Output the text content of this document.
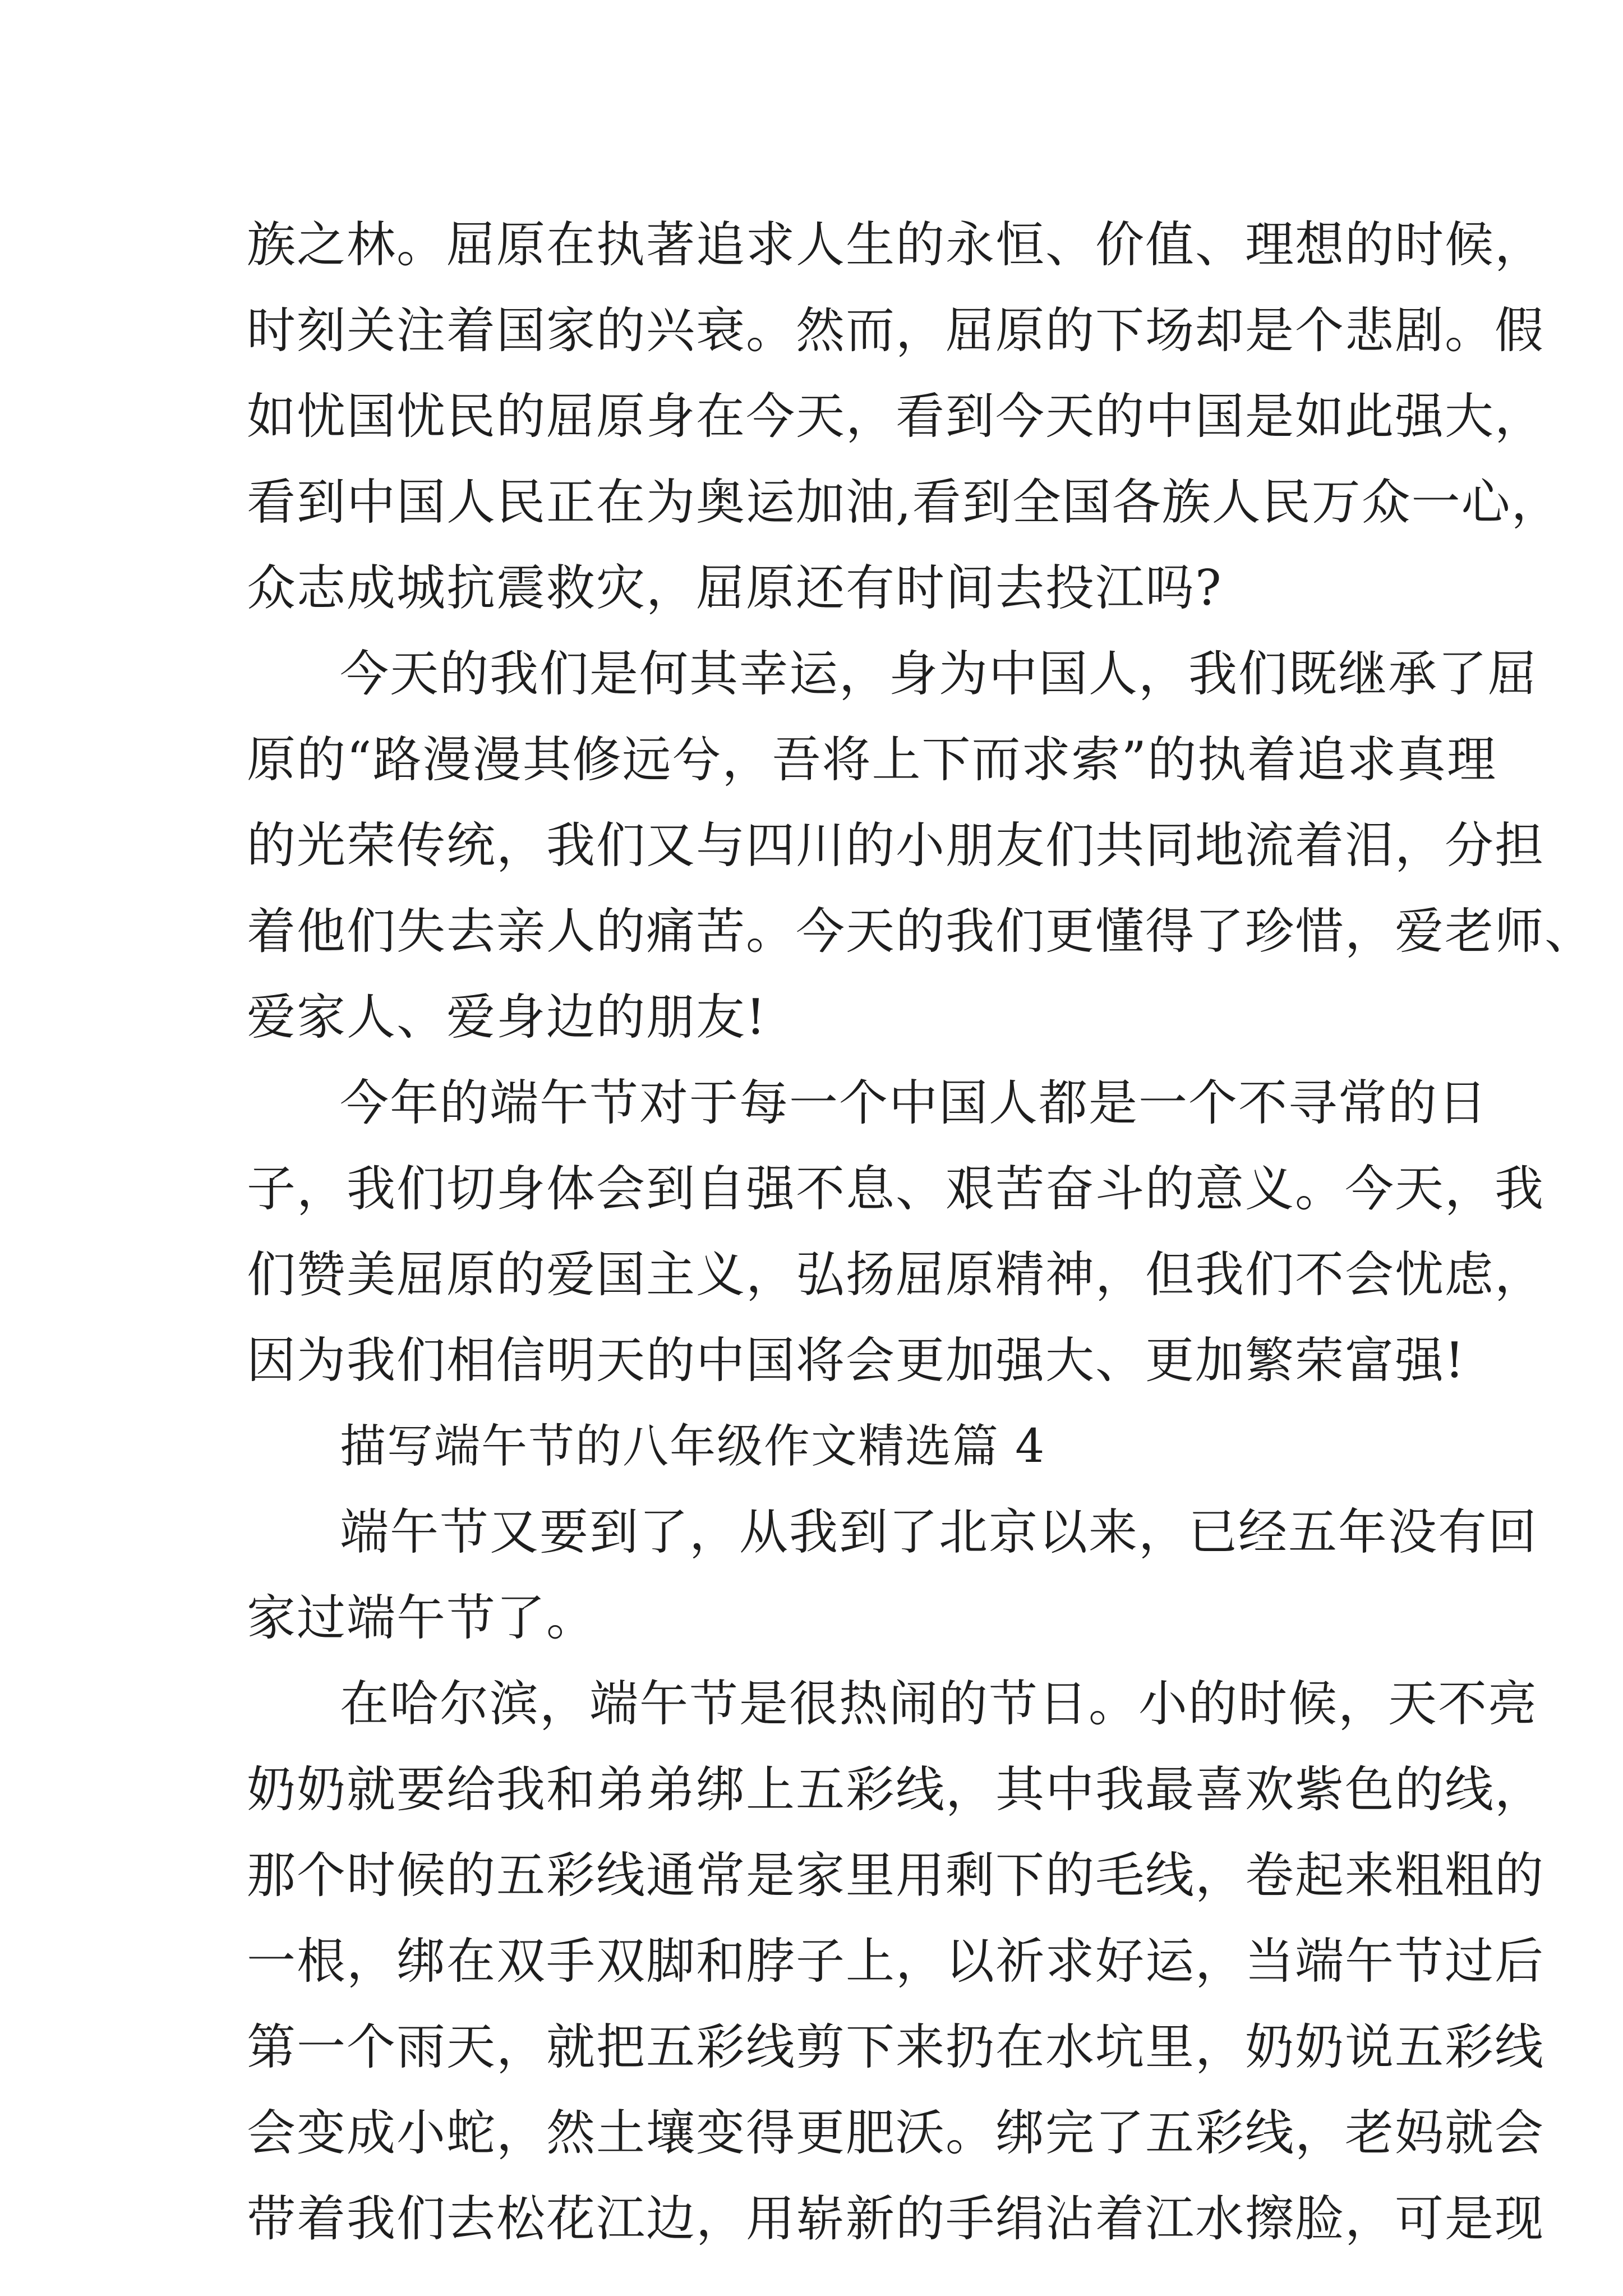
族之林。屈原在执著追求人生的永恒、价值、理想的时候，
时刻关注着国家的兴衰。然而，屈原的下场却是个悲剧。假
如忧国忧民的屈原身在今天，看到今天的中国是如此强大，
看到中国人民正在为奥运加油,看到全国各族人民万众一心，
众志成城抗震救灾，屈原还有时间去投江吗?
今天的我们是何其幸运，身为中国人，我们既继承了屈
原的“路漫漫其修远兮，吾将上下而求索”的执着追求真理
的光荣传统，我们又与四川的小朋友们共同地流着泪，分担
着他们失去亲人的痛苦。今天的我们更懂得了珍惜，爱老师、
爱家人、爱身边的朋友!
今年的端午节对于每一个中国人都是一个不寻常的日
子，我们切身体会到自强不息、艰苦奋斗的意义。今天，我
们赞美屈原的爱国主义，弘扬屈原精神，但我们不会忧虑，
因为我们相信明天的中国将会更加强大、更加繁荣富强!
描写端午节的八年级作文精选篇 4
端午节又要到了，从我到了北京以来，已经五年没有回
家过端午节了。
在哈尔滨，端午节是很热闹的节日。小的时候，天不亮
奶奶就要给我和弟弟绑上五彩线，其中我最喜欢紫色的线，
那个时候的五彩线通常是家里用剩下的毛线，卷起来粗粗的
一根，绑在双手双脚和脖子上，以祈求好运，当端午节过后
第一个雨天，就把五彩线剪下来扔在水坑里，奶奶说五彩线
会变成小蛇，然土壤变得更肥沃。绑完了五彩线，老妈就会
带着我们去松花江边，用崭新的手绢沾着江水擦脸，可是现
